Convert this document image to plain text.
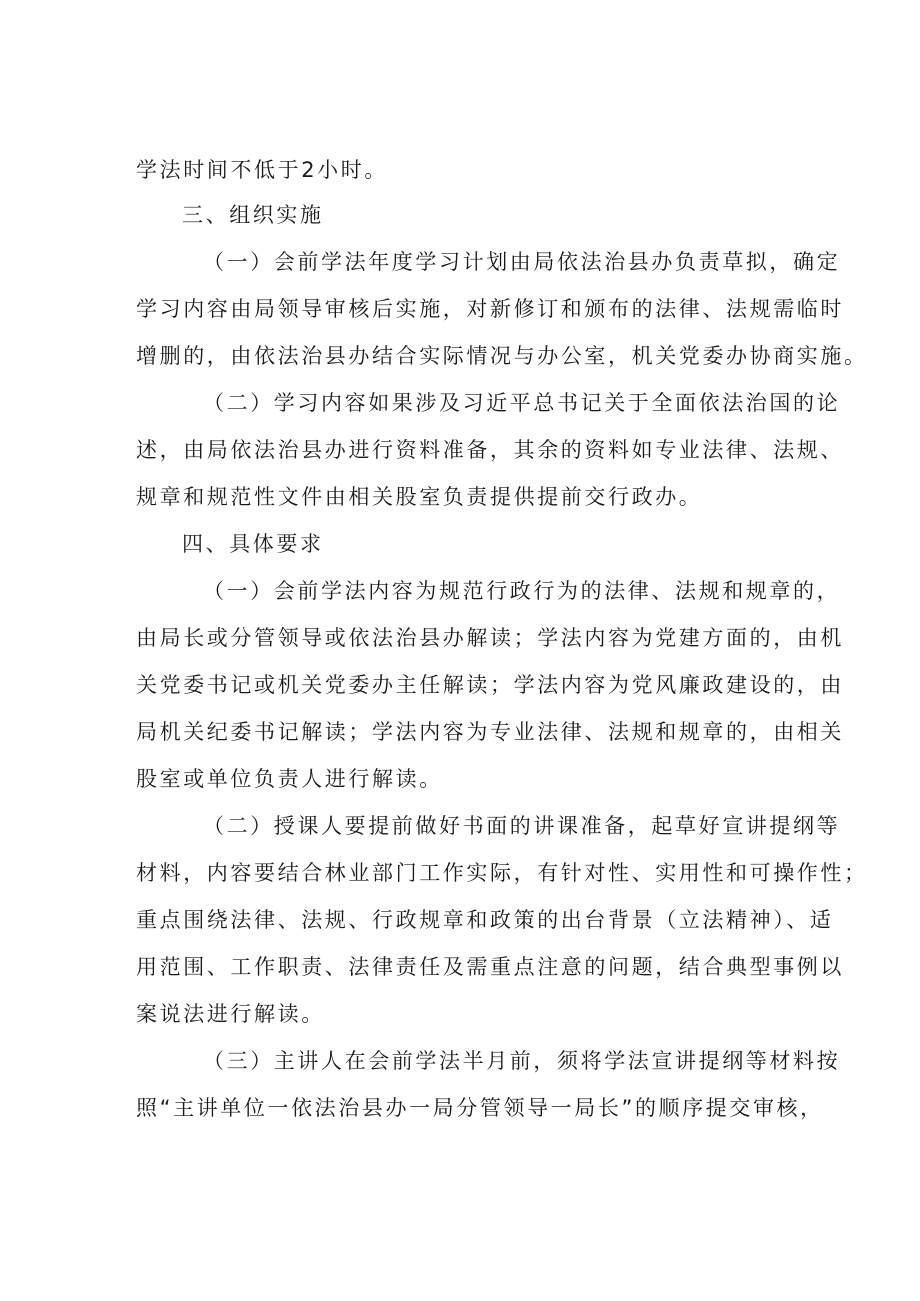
学法时间不低于2小时。
三、组织实施
（一）会前学法年度学习计划由局依法治县办负责草拟，确定
学习内容由局领导审核后实施，对新修订和颁布的法律、法规需临时
增删的，由依法治县办结合实际情况与办公室，机关党委办协商实施。
（二）学习内容如果涉及习近平总书记关于全面依法治国的论
述，由局依法治县办进行资料准备，其余的资料如专业法律、法规、
规章和规范性文件由相关股室负责提供提前交行政办。
四、具体要求
（一）会前学法内容为规范行政行为的法律、法规和规章的，
由局长或分管领导或依法治县办解读；学法内容为党建方面的，由机
关党委书记或机关党委办主任解读；学法内容为党风廉政建设的，由
局机关纪委书记解读；学法内容为专业法律、法规和规章的，由相关
股室或单位负责人进行解读。
（二）授课人要提前做好书面的讲课准备，起草好宣讲提纲等
材料，内容要结合林业部门工作实际，有针对性、实用性和可操作性；
重点围绕法律、法规、行政规章和政策的出台背景（立法精神）、适
用范围、工作职责、法律责任及需重点注意的问题，结合典型事例以
案说法进行解读。
（三）主讲人在会前学法半月前，须将学法宣讲提纲等材料按
照“主讲单位一依法治县办一局分管领导一局长”的顺序提交审核，
